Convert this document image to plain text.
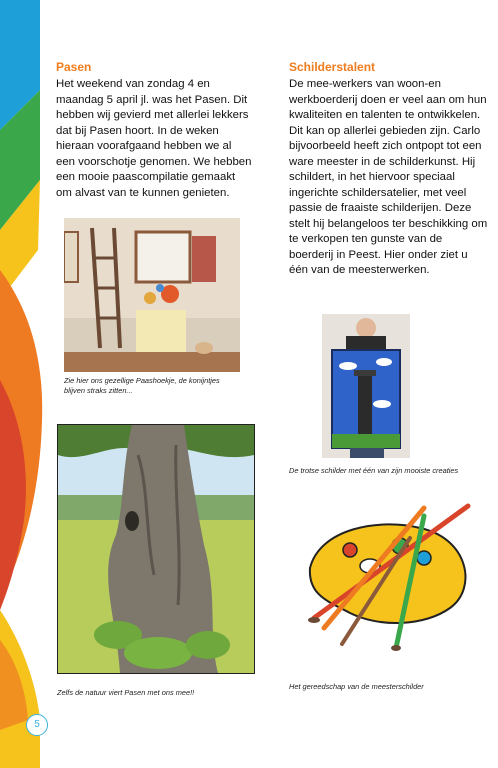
5
Pasen

Het weekend van zondag 4 en maandag 5 april jl. was het Pasen. Dit hebben wij gevierd met allerlei lekkers dat bij Pasen hoort. In de weken hieraan voorafgaand hebben we al een voorschotje genomen. We hebben een mooie paascompilatie gemaakt om alvast van te kunnen genieten.

Zie hier ons gezellige Paashoekje, de konijntjes blijven straks zitten...
Zelfs de natuur viert Pasen met ons mee!!
Schilderstalent

De mee-werkers van woon-en werkboerderij doen er veel aan om hun kwaliteiten en talenten te ontwikkelen. Dit kan op allerlei gebieden zijn. Carlo bijvoorbeeld heeft zich ontpopt tot een ware meester in de schilderkunst. Hij schildert, in het hiervoor speciaal ingerichte schildersatelier, met veel passie de fraaiste schilderijen. Deze stelt hij belangeloos ter beschikking om te verkopen ten gunste van de boerderij in Peest. Hier onder ziet u één van de meesterwerken.

De trotse schilder met één van zijn mooiste creaties
Het gereedschap van de meesterschilder
